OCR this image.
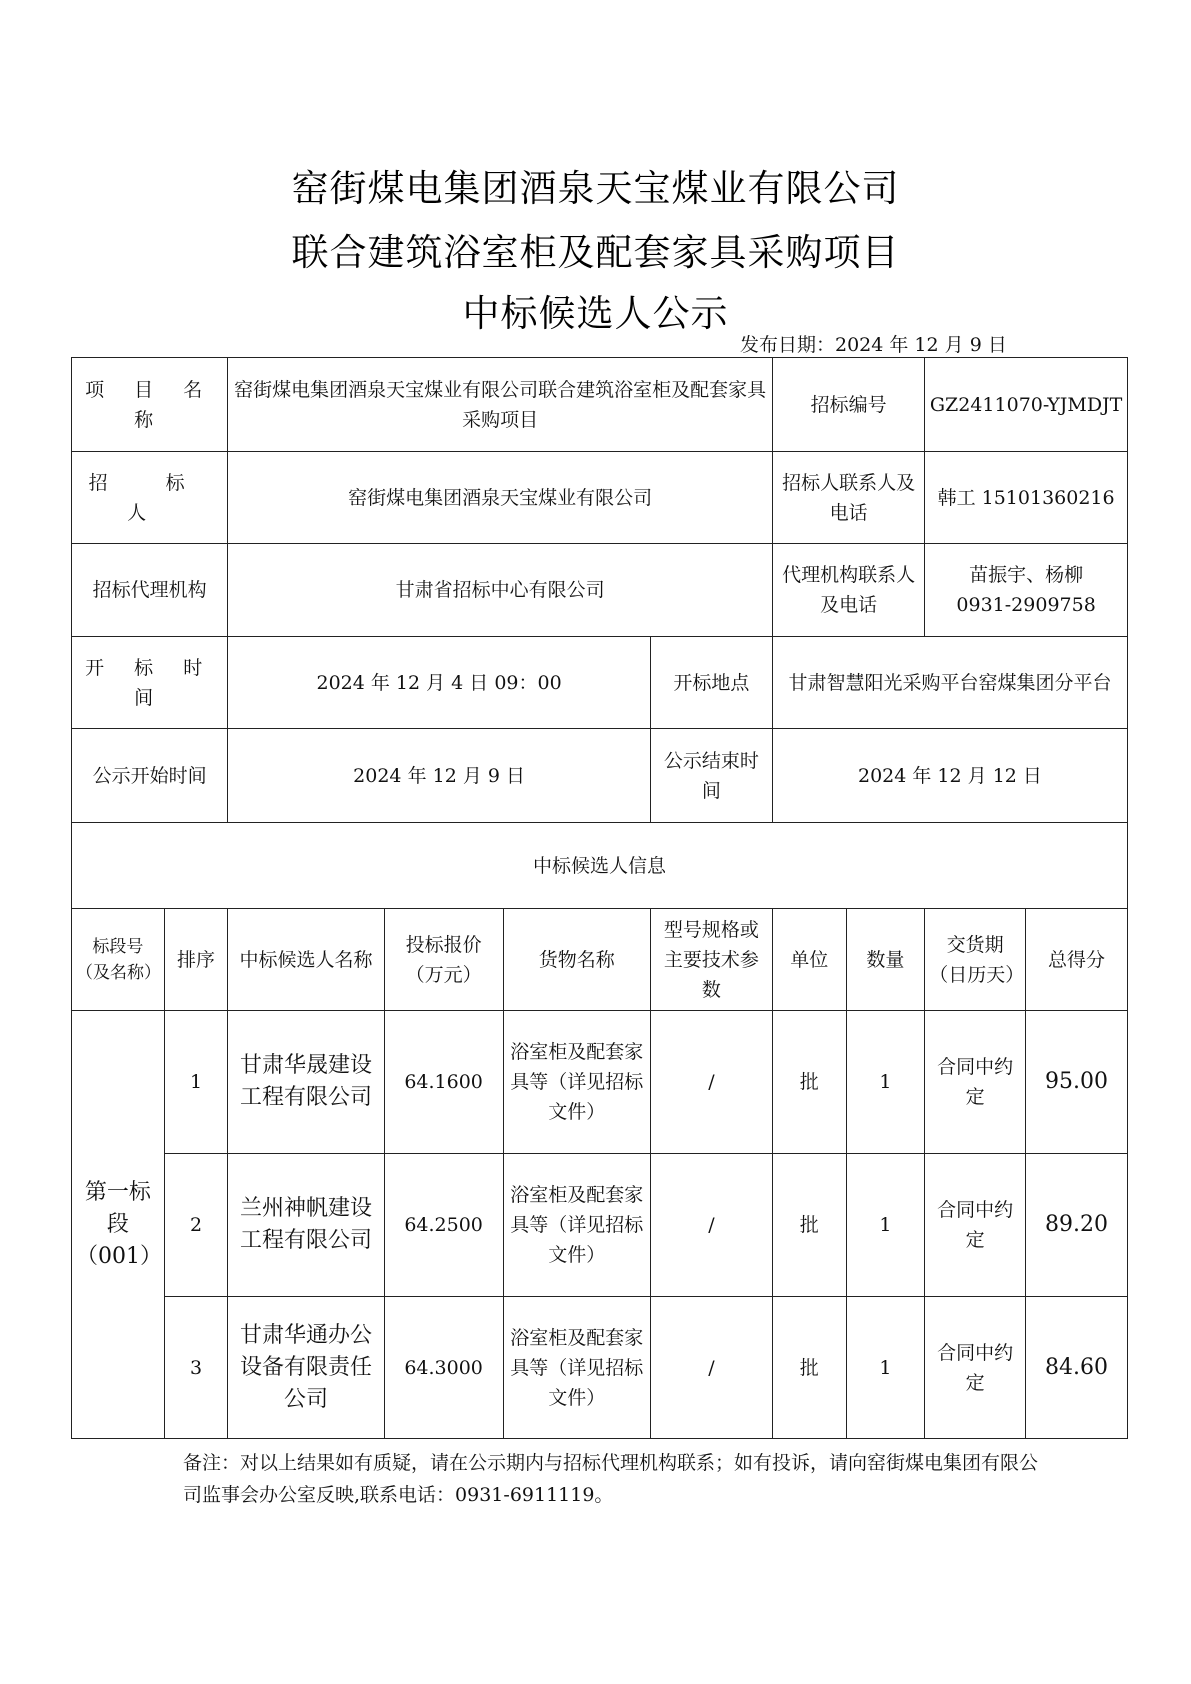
窑街煤电集团酒泉天宝煤业有限公司
联合建筑浴室柜及配套家具采购项目
中标候选人公示
发布日期：2024 年 12 月 9 日
项 目 名 称		窑街煤电集团酒泉天宝煤业有限公司联合建筑浴室柜及配套家具采购项目				招标编号		GZ2411070-YJMDJT	
招 标 人		窑街煤电集团酒泉天宝煤业有限公司				招标人联系人及电话		韩工 15101360216	
招标代理机构		甘肃省招标中心有限公司				代理机构联系人及电话		苗振宇、杨柳
0931-2909758	

开 标 时 间		2024 年 12 月 4 日 09：00			开标地点	甘肃智慧阳光采购平台窑煤集团分平台			
公示开始时间		2024 年 12 月 9 日			公示结束时间	2024 年 12 月 12 日			
中标候选人信息									
标段号（及名称）	排序	中标候选人名称	投标报价（万元）	货物名称	型号规格或主要技术参数	单位	数量	交货期（日历天）	总得分
第一标段（001）	1	甘肃华晟建设工程有限公司	64.1600	浴室柜及配套家具等（详见招标文件）	/	批	1	合同中约定	95.00
	2	兰州神帆建设工程有限公司	64.2500	浴室柜及配套家具等（详见招标文件）	/	批	1	合同中约定	89.20
	3	甘肃华通办公设备有限责任公司	64.3000	浴室柜及配套家具等（详见招标文件）	/	批	1	合同中约定	84.60
备注：对以上结果如有质疑，请在公示期内与招标代理机构联系；如有投诉，请向窑街煤电集团有限公司监事会办公室反映,联系电话：0931-6911119。
